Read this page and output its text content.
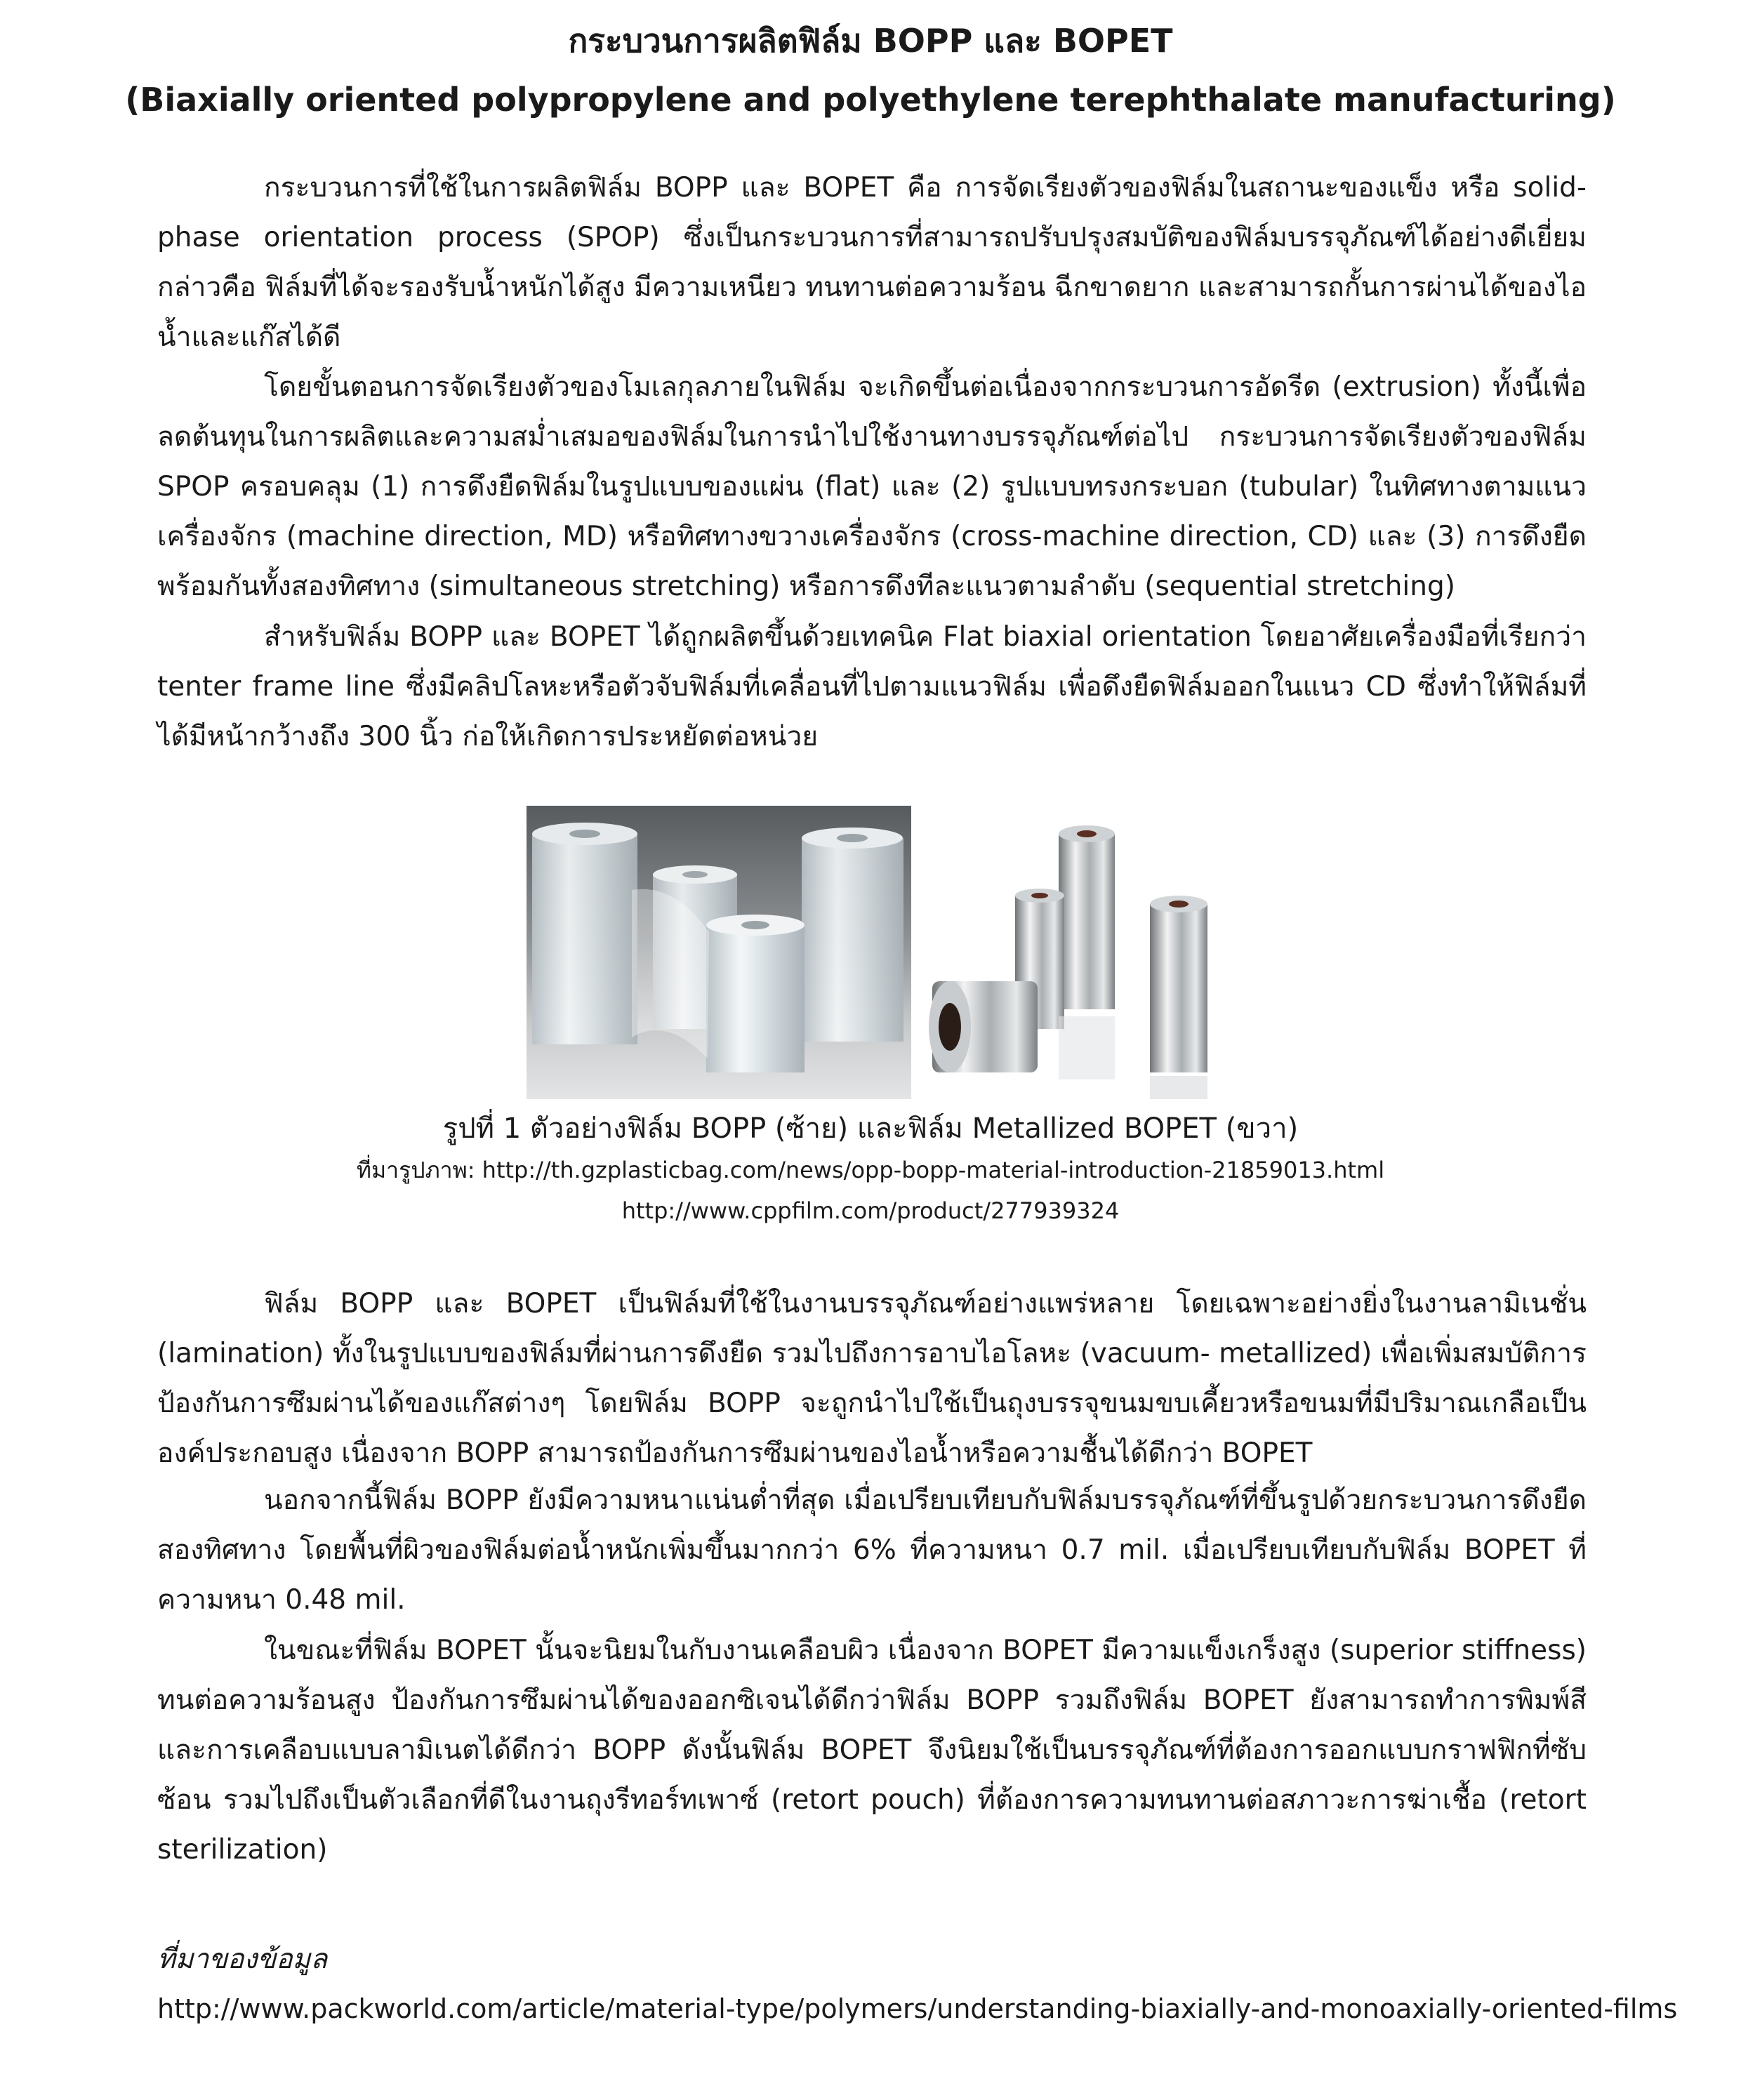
กระบวนการผลิตฟิล์ม BOPP และ BOPET
(Biaxially oriented polypropylene and polyethylene terephthalate manufacturing)

กระบวนการที่ใช้ในการผลิตฟิล์ม BOPP และ BOPET คือ การจัดเรียงตัวของฟิล์มในสถานะของแข็ง หรือ solid-phase orientation process (SPOP) ซึ่งเป็นกระบวนการที่สามารถปรับปรุงสมบัติของฟิล์มบรรจุภัณฑ์ได้อย่างดีเยี่ยม กล่าวคือ ฟิล์มที่ได้จะรองรับน้ำหนักได้สูง มีความเหนียว ทนทานต่อความร้อน ฉีกขาดยาก และสามารถกั้นการผ่านได้ของไอน้ำและแก๊สได้ดี

โดยขั้นตอนการจัดเรียงตัวของโมเลกุลภายในฟิล์ม จะเกิดขึ้นต่อเนื่องจากกระบวนการอัดรีด (extrusion) ทั้งนี้เพื่อลดต้นทุนในการผลิตและความสม่ำเสมอของฟิล์มในการนำไปใช้งานทางบรรจุภัณฑ์ต่อไป กระบวนการจัดเรียงตัวของฟิล์ม SPOP ครอบคลุม (1) การดึงยืดฟิล์มในรูปแบบของแผ่น (flat) และ (2) รูปแบบทรงกระบอก (tubular) ในทิศทางตามแนวเครื่องจักร (machine direction, MD) หรือทิศทางขวางเครื่องจักร (cross-machine direction, CD) และ (3) การดึงยืดพร้อมกันทั้งสองทิศทาง (simultaneous stretching) หรือการดึงทีละแนวตามลำดับ (sequential stretching)

สำหรับฟิล์ม BOPP และ BOPET ได้ถูกผลิตขึ้นด้วยเทคนิค Flat biaxial orientation โดยอาศัยเครื่องมือที่เรียกว่า tenter frame line ซึ่งมีคลิปโลหะหรือตัวจับฟิล์มที่เคลื่อนที่ไปตามแนวฟิล์ม เพื่อดึงยืดฟิล์มออกในแนว CD ซึ่งทำให้ฟิล์มที่ได้มีหน้ากว้างถึง 300 นิ้ว ก่อให้เกิดการประหยัดต่อหน่วย

รูปที่ 1 ตัวอย่างฟิล์ม BOPP (ซ้าย) และฟิล์ม Metallized BOPET (ขวา)

ที่มารูปภาพ: http://th.gzplasticbag.com/news/opp-bopp-material-introduction-21859013.html

http://www.cppfilm.com/product/277939324

ฟิล์ม BOPP และ BOPET เป็นฟิล์มที่ใช้ในงานบรรจุภัณฑ์อย่างแพร่หลาย โดยเฉพาะอย่างยิ่งในงานลามิเนชั่น (lamination) ทั้งในรูปแบบของฟิล์มที่ผ่านการดึงยืด รวมไปถึงการอาบไอโลหะ (vacuum- metallized) เพื่อเพิ่มสมบัติการป้องกันการซึมผ่านได้ของแก๊สต่างๆ โดยฟิล์ม BOPP จะถูกนำไปใช้เป็นถุงบรรจุขนมขบเคี้ยวหรือขนมที่มีปริมาณเกลือเป็นองค์ประกอบสูง เนื่องจาก BOPP สามารถป้องกันการซึมผ่านของไอน้ำหรือความชื้นได้ดีกว่า BOPET

นอกจากนี้ฟิล์ม BOPP ยังมีความหนาแน่นต่ำที่สุด เมื่อเปรียบเทียบกับฟิล์มบรรจุภัณฑ์ที่ขึ้นรูปด้วยกระบวนการดึงยืดสองทิศทาง โดยพื้นที่ผิวของฟิล์มต่อน้ำหนักเพิ่มขึ้นมากกว่า 6% ที่ความหนา 0.7 mil. เมื่อเปรียบเทียบกับฟิล์ม BOPET ที่ความหนา 0.48 mil.

ในขณะที่ฟิล์ม BOPET นั้นจะนิยมในกับงานเคลือบผิว เนื่องจาก BOPET มีความแข็งเกร็งสูง (superior stiffness) ทนต่อความร้อนสูง ป้องกันการซึมผ่านได้ของออกซิเจนได้ดีกว่าฟิล์ม BOPP รวมถึงฟิล์ม BOPET ยังสามารถทำการพิมพ์สีและการเคลือบแบบลามิเนตได้ดีกว่า BOPP ดังนั้นฟิล์ม BOPET จึงนิยมใช้เป็นบรรจุภัณฑ์ที่ต้องการออกแบบกราฟฟิกที่ซับซ้อน รวมไปถึงเป็นตัวเลือกที่ดีในงานถุงรีทอร์ทเพาซ์ (retort pouch) ที่ต้องการความทนทานต่อสภาวะการฆ่าเชื้อ (retort sterilization)

ที่มาของข้อมูล

http://www.packworld.com/article/material-type/polymers/understanding-biaxially-and-monoaxially-oriented-films
